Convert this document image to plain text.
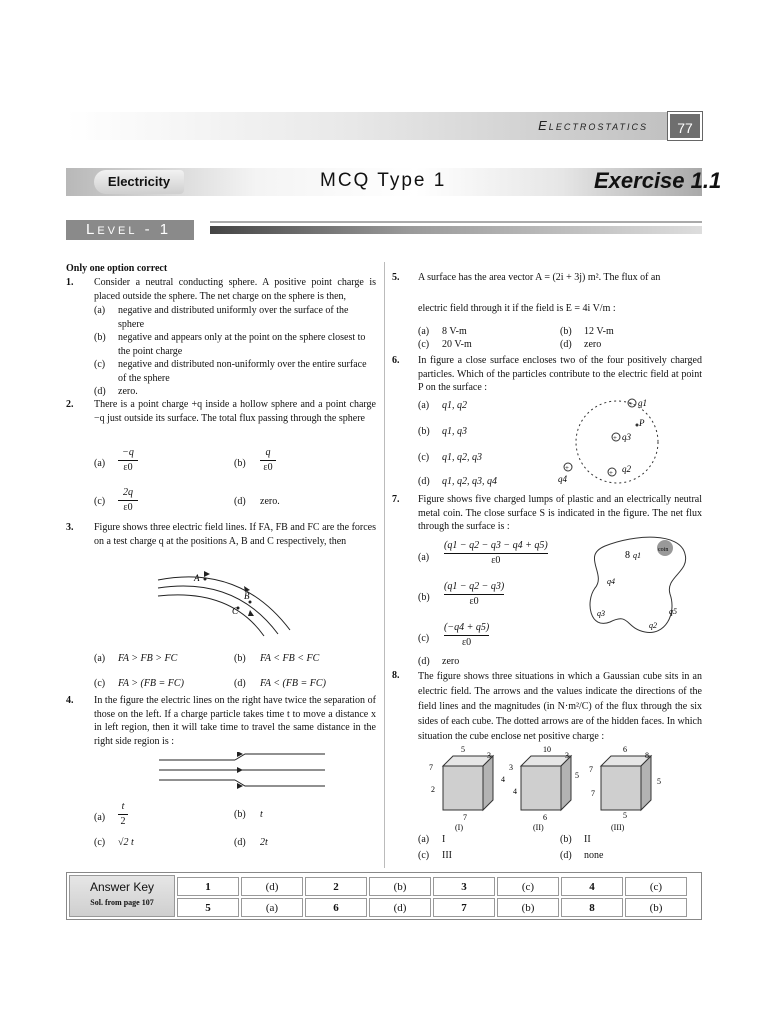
Electrostatics	77
Electricity	MCQ Type 1	Exercise 1.1
Level - 1
Only one option correct
1. Consider a neutral conducting sphere. A positive point charge is placed outside the sphere. The net charge on the sphere is then,
(a) negative and distributed uniformly over the surface of the sphere
(b) negative and appears only at the point on the sphere closest to the point charge
(c) negative and distributed non-uniformly over the entire surface of the sphere
(d) zero.
2. There is a point charge +q inside a hollow sphere and a point charge −q just outside its surface. The total flux passing through the sphere
(a)
−q
ε0	(b)
q
ε0
(c)
2q
ε0	(d) zero.
3. Figure shows three electric field lines. If FA, FB and FC are the forces on a test charge q at the positions A, B and C respectively, then
A
B
C
(a) FA > FB > FC	(b) FA < FB < FC
(c) FA > (FB = FC)	(d) FA < (FB = FC)
4. In the figure the electric lines on the right have twice the separation of those on the left. If a charge particle takes time t to move a distance x in left region, then it will take time to travel the same distance in the right side region is :
(a)
t
2
(b) t
(c) √2 t	(d) 2t
5. A surface has the area vector A = (2i + 3j) m². The flux of an
electric field through it if the field is E = 4i V/m :
(a) 8 V-m	(b) 12 V-m
(c) 20 V-m	(d) zero
6. In figure a close surface encloses two of the four positively charged particles. Which of the particles contribute to the electric field at point P on the surface :
(a) q1, q2
(b) q1, q3
(c) q1, q2, q3
(d) q1, q2, q3, q4
+
+
+
+
q1
q2
q3
q4
P
7. Figure shows five charged lumps of plastic and an electrically neutral metal coin. The close surface S is indicated in the figure. The net flux through the surface is :
(a)
(q1 − q2 − q3 − q4 + q5)
ε0
(b)
(q1 − q2 − q3)
ε0
(c)
(−q4 + q5)
ε0
(d) zero
coin
8
q4
q3	q5
q2
q1
8. The figure shows three situations in which a Gaussian cube sits in an electric field. The arrows and the values indicate the directions of the field lines and the magnitudes (in N·m²/C) of the flux through the six sides of each cube. The dotted arrows are of the hidden faces. In which situation the cube enclose net positive charge :
5
3
7
4
2
7
(I)
10
3
3
5
4
6
(II)
6
8
7
5
7
5
(III)
(a) I	(b) II
(c) III	(d) none
Answer Key
Sol. from page 107
1	(d)	2	(b)	3	(c)	4	(c)
5	(a)	6	(d)	7	(b)	8	(b)
